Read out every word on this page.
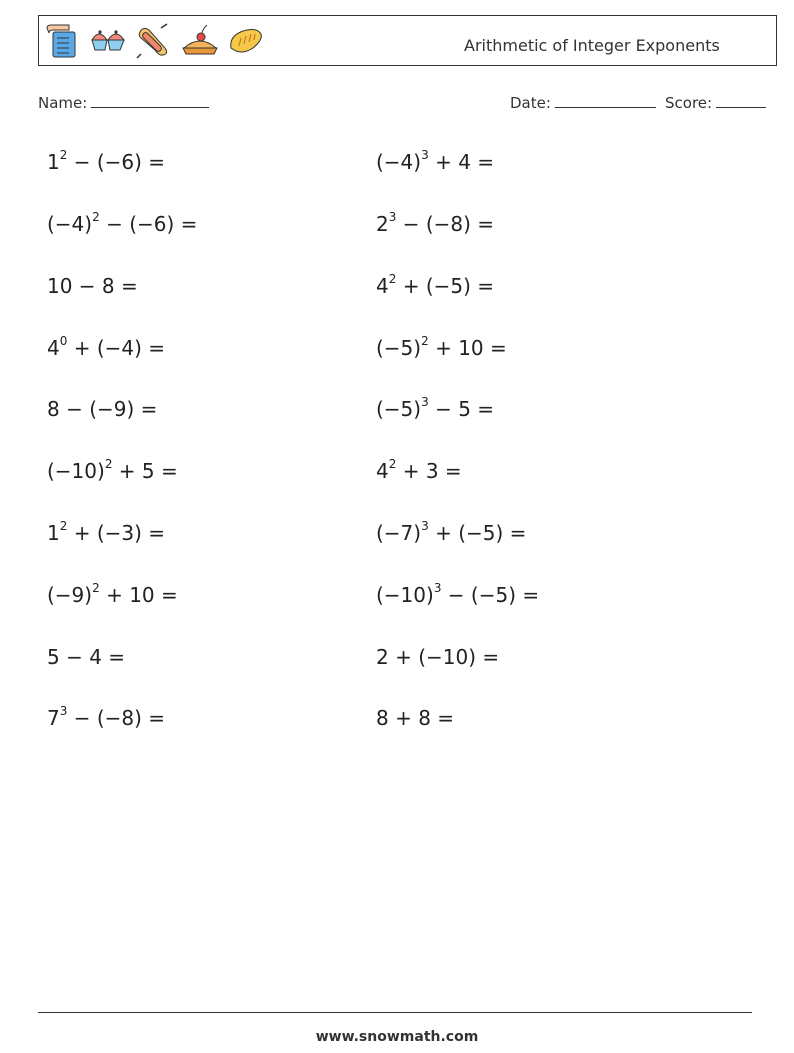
Arithmetic of Integer Exponents
Name:	Date:	Score:
$1^2 - (-6)$ =	$(-4)^3 + 4$ =
$(-4)^2 - (-6)$ =	$2^3 - (-8)$ =
10 − 8 =	$4^2 + (-5)$ =
$4^0 + (-4)$ =	$(-5)^2 + 10$ =
8 − (−9) =	$(-5)^3 - 5$ =
$(-10)^2 + 5$ =	$4^2 + 3$ =
$1^2 + (-3)$ =	$(-7)^3 + (-5)$ =
$(-9)^2 + 10$ =	$(-10)^3 - (-5)$ =
5 − 4 =	2 + (−10) =
$7^3 - (-8)$ =	8 + 8 =
www.snowmath.com
